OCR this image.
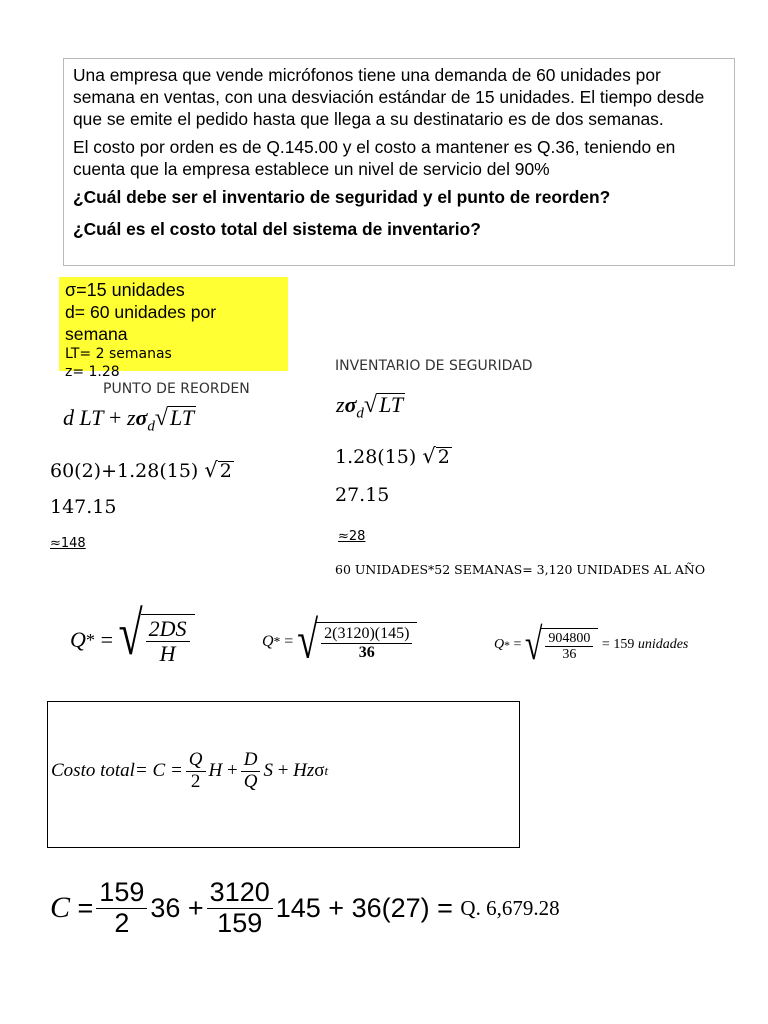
Una empresa que vende micrófonos tiene una demanda de 60 unidades por semana en ventas, con una desviación estándar de 15 unidades. El tiempo desde que se emite el pedido hasta que llega a su destinatario es de dos semanas.

El costo por orden es de Q.145.00 y el costo a mantener es Q.36, teniendo en cuenta que la empresa establece un nivel de servicio del 90%

¿Cuál debe ser el inventario de seguridad y el punto de reorden?

¿Cuál es el costo total del sistema de inventario?

σ=15 unidades
d= 60 unidades por semana
LT= 2 semanas
z= 1.28
PUNTO DE REORDEN
d LT + $z\sigma_d√LT$
60(2)+1.28(15) √ 2
147.15
≈148
INVENTARIO DE SEGURIDAD
$z\sigma_d√LT$
1.28(15) √ 2
27.15
≈28
60 UNIDADES*52 SEMANAS= 3,120 UNIDADES AL AÑO
Q * = √ $\frac{2DS}{H}$	Q * = √ $\frac{2(3120)(145)}{36}$	Q * = √ $\frac{904800}{36}$
= 159
unidades
Costo total=
$C = \frac{Q}{2}$ $H + \frac{D}{Q}$ S + Hz σ t
$C = \frac{159}{2} 36 + \frac{3120}{159} 145 + 36(27)$ =
Q. 6,679.28
